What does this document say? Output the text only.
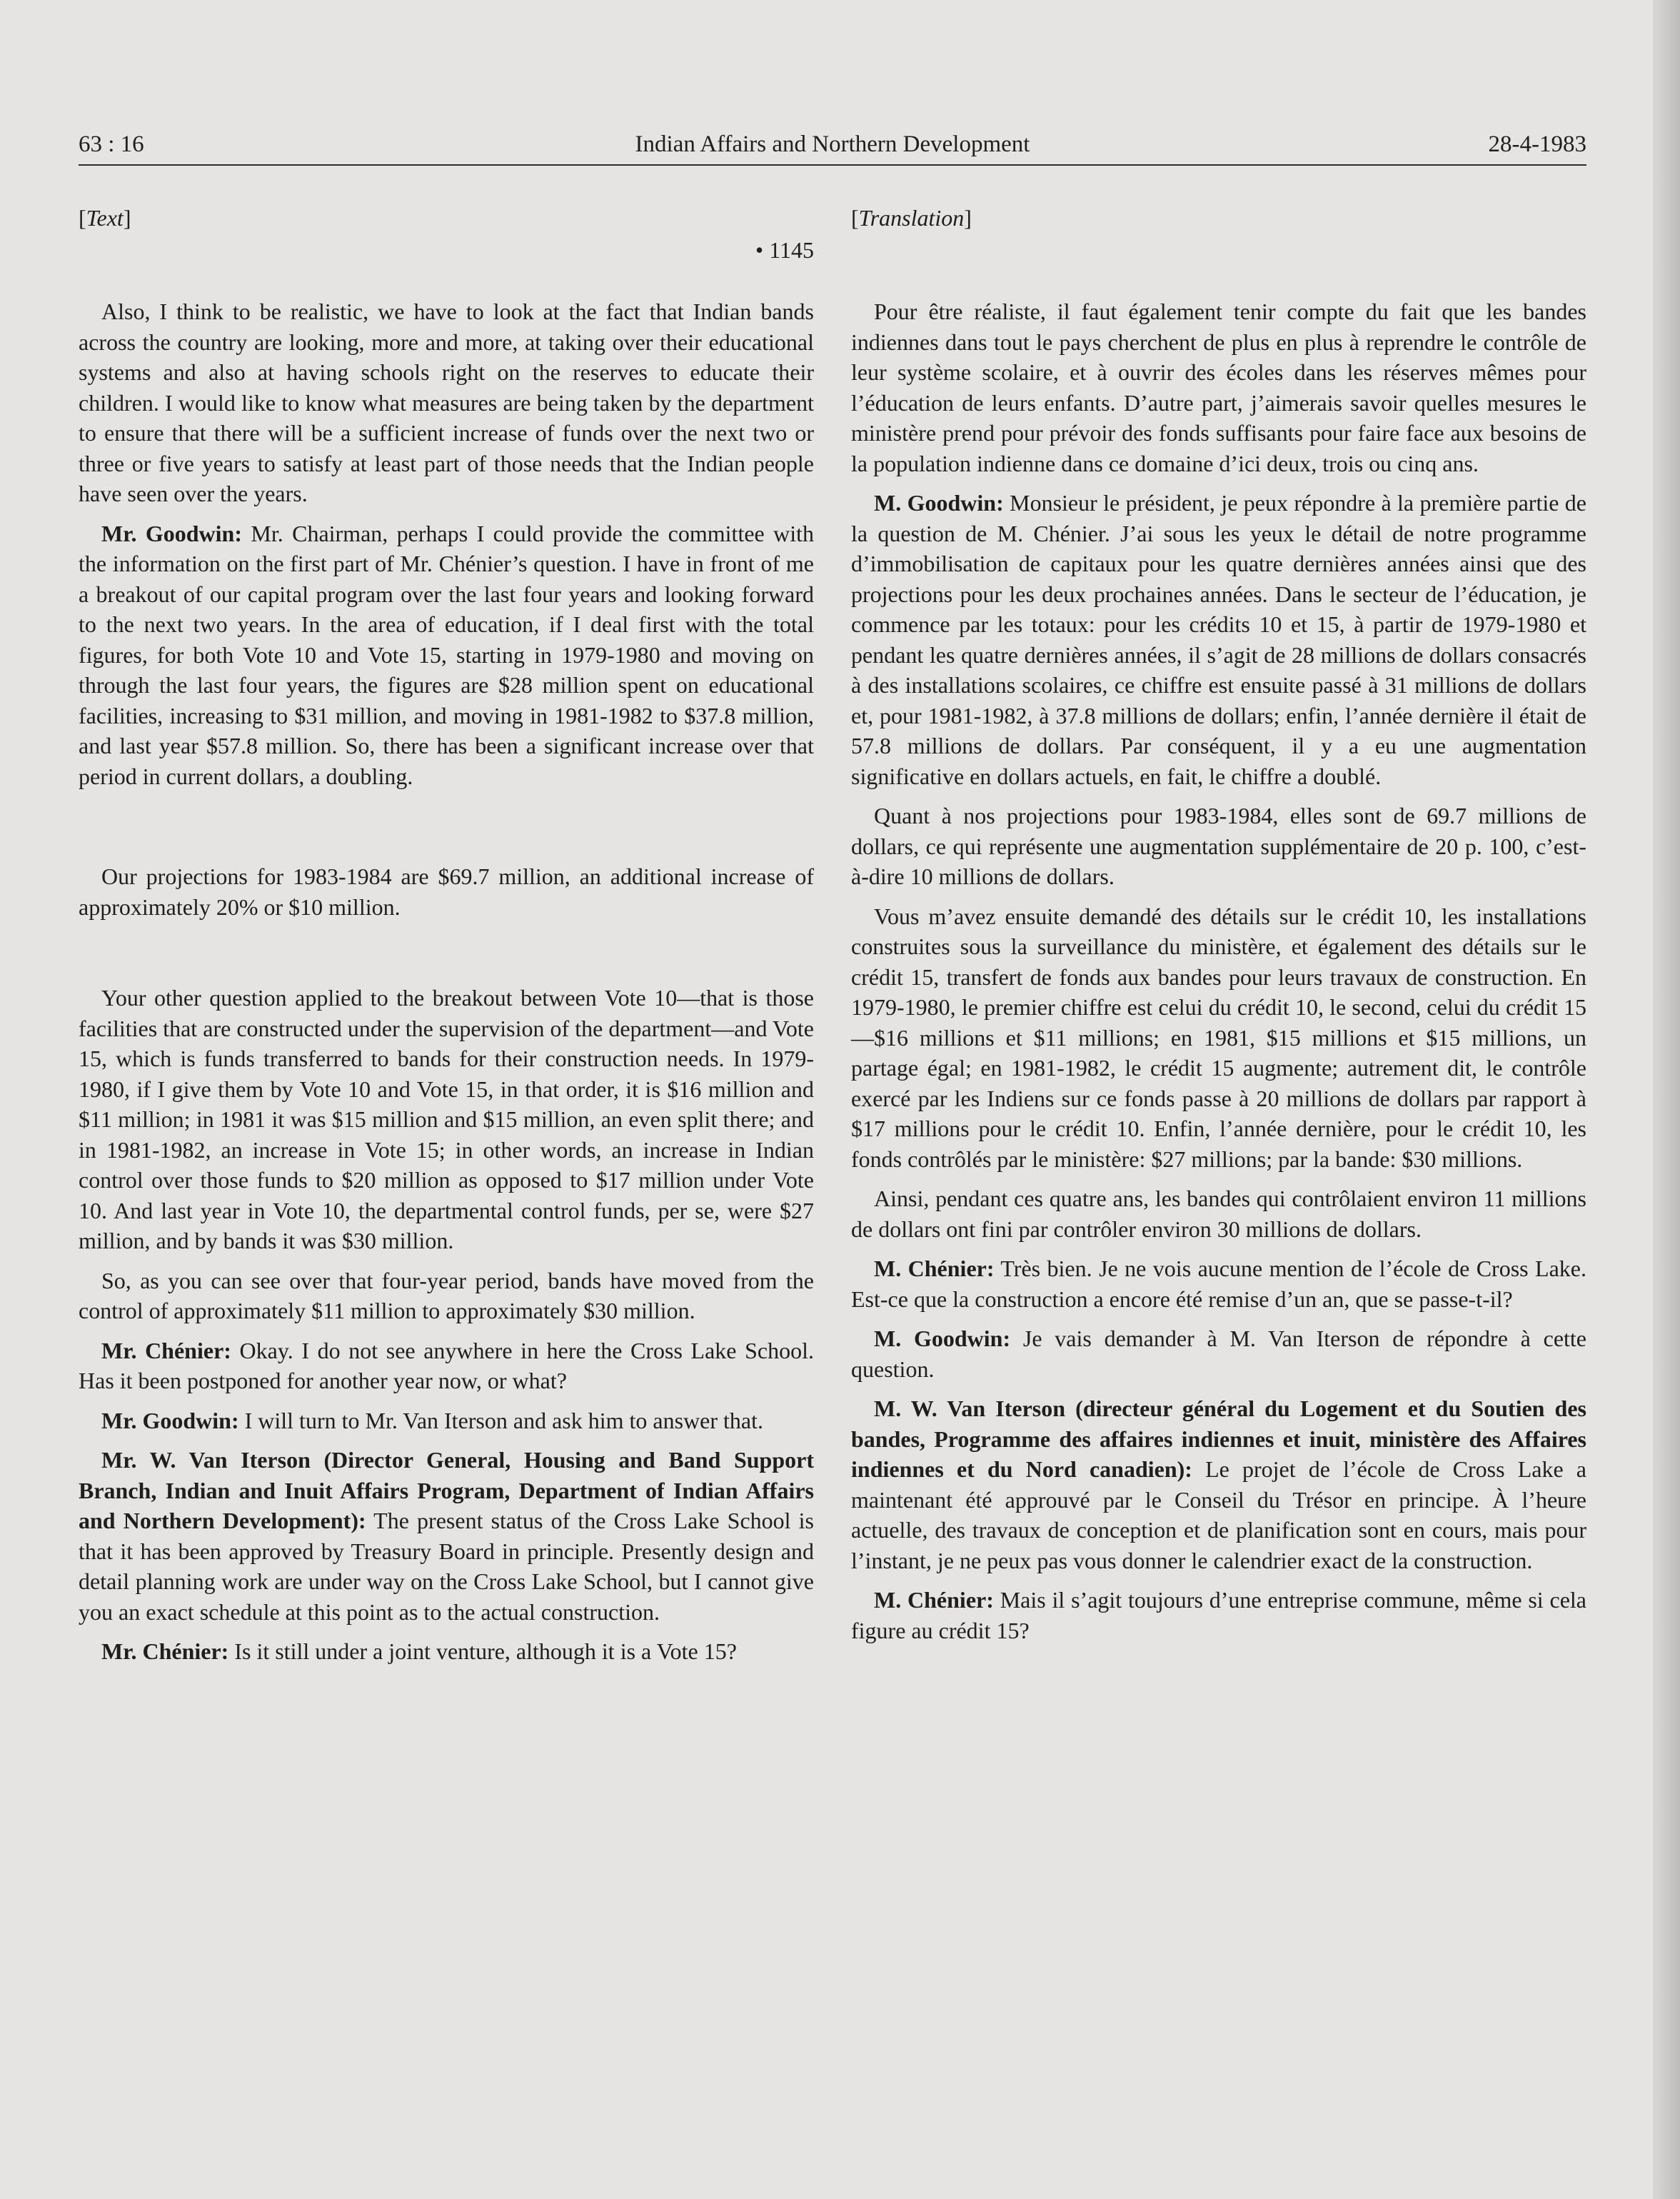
63 : 16	Indian Affairs and Northern Development	28-4-1983
[Text]
• 1145

Also, I think to be realistic, we have to look at the fact that Indian bands across the country are looking, more and more, at taking over their educational systems and also at having schools right on the reserves to educate their children. I would like to know what measures are being taken by the department to ensure that there will be a sufficient increase of funds over the next two or three or five years to satisfy at least part of those needs that the Indian people have seen over the years.

Mr. Goodwin: Mr. Chairman, perhaps I could provide the committee with the information on the first part of Mr. Chénier’s question. I have in front of me a breakout of our capital program over the last four years and looking forward to the next two years. In the area of education, if I deal first with the total figures, for both Vote 10 and Vote 15, starting in 1979-1980 and moving on through the last four years, the figures are $28 million spent on educational facilities, increasing to $31 million, and moving in 1981-1982 to $37.8 million, and last year $57.8 million. So, there has been a significant increase over that period in current dollars, a doubling.

Our projections for 1983-1984 are $69.7 million, an additional increase of approximately 20% or $10 million.

Your other question applied to the breakout between Vote 10—that is those facilities that are constructed under the supervision of the department—and Vote 15, which is funds transferred to bands for their construction needs. In 1979-1980, if I give them by Vote 10 and Vote 15, in that order, it is $16 million and $11 million; in 1981 it was $15 million and $15 million, an even split there; and in 1981-1982, an increase in Vote 15; in other words, an increase in Indian control over those funds to $20 million as opposed to $17 million under Vote 10. And last year in Vote 10, the departmental control funds, per se, were $27 million, and by bands it was $30 million.

So, as you can see over that four-year period, bands have moved from the control of approximately $11 million to approximately $30 million.

Mr. Chénier: Okay. I do not see anywhere in here the Cross Lake School. Has it been postponed for another year now, or what?

Mr. Goodwin: I will turn to Mr. Van Iterson and ask him to answer that.

Mr. W. Van Iterson (Director General, Housing and Band Support Branch, Indian and Inuit Affairs Program, Department of Indian Affairs and Northern Development): The present status of the Cross Lake School is that it has been approved by Treasury Board in principle. Presently design and detail planning work are under way on the Cross Lake School, but I cannot give you an exact schedule at this point as to the actual construction.

Mr. Chénier: Is it still under a joint venture, although it is a Vote 15?

[Translation]

Pour être réaliste, il faut également tenir compte du fait que les bandes indiennes dans tout le pays cherchent de plus en plus à reprendre le contrôle de leur système scolaire, et à ouvrir des écoles dans les réserves mêmes pour l’éducation de leurs enfants. D’autre part, j’aimerais savoir quelles mesures le ministère prend pour prévoir des fonds suffisants pour faire face aux besoins de la population indienne dans ce domaine d’ici deux, trois ou cinq ans.

M. Goodwin: Monsieur le président, je peux répondre à la première partie de la question de M. Chénier. J’ai sous les yeux le détail de notre programme d’immobilisation de capitaux pour les quatre dernières années ainsi que des projections pour les deux prochaines années. Dans le secteur de l’éducation, je commence par les totaux: pour les crédits 10 et 15, à partir de 1979-1980 et pendant les quatre dernières années, il s’agit de 28 millions de dollars consacrés à des installations scolaires, ce chiffre est ensuite passé à 31 millions de dollars et, pour 1981-1982, à 37.8 millions de dollars; enfin, l’année dernière il était de 57.8 millions de dollars. Par conséquent, il y a eu une augmentation significative en dollars actuels, en fait, le chiffre a doublé.

Quant à nos projections pour 1983-1984, elles sont de 69.7 millions de dollars, ce qui représente une augmentation supplémentaire de 20 p. 100, c’est-à-dire 10 millions de dollars.

Vous m’avez ensuite demandé des détails sur le crédit 10, les installations construites sous la surveillance du ministère, et également des détails sur le crédit 15, transfert de fonds aux bandes pour leurs travaux de construction. En 1979-1980, le premier chiffre est celui du crédit 10, le second, celui du crédit 15—$16 millions et $11 millions; en 1981, $15 millions et $15 millions, un partage égal; en 1981-1982, le crédit 15 augmente; autrement dit, le contrôle exercé par les Indiens sur ce fonds passe à 20 millions de dollars par rapport à $17 millions pour le crédit 10. Enfin, l’année dernière, pour le crédit 10, les fonds contrôlés par le ministère: $27 millions; par la bande: $30 millions.

Ainsi, pendant ces quatre ans, les bandes qui contrôlaient environ 11 millions de dollars ont fini par contrôler environ 30 millions de dollars.

M. Chénier: Très bien. Je ne vois aucune mention de l’école de Cross Lake. Est-ce que la construction a encore été remise d’un an, que se passe-t-il?

M. Goodwin: Je vais demander à M. Van Iterson de répondre à cette question.

M. W. Van Iterson (directeur général du Logement et du Soutien des bandes, Programme des affaires indiennes et inuit, ministère des Affaires indiennes et du Nord canadien): Le projet de l’école de Cross Lake a maintenant été approuvé par le Conseil du Trésor en principe. À l’heure actuelle, des travaux de conception et de planification sont en cours, mais pour l’instant, je ne peux pas vous donner le calendrier exact de la construction.

M. Chénier: Mais il s’agit toujours d’une entreprise commune, même si cela figure au crédit 15?
